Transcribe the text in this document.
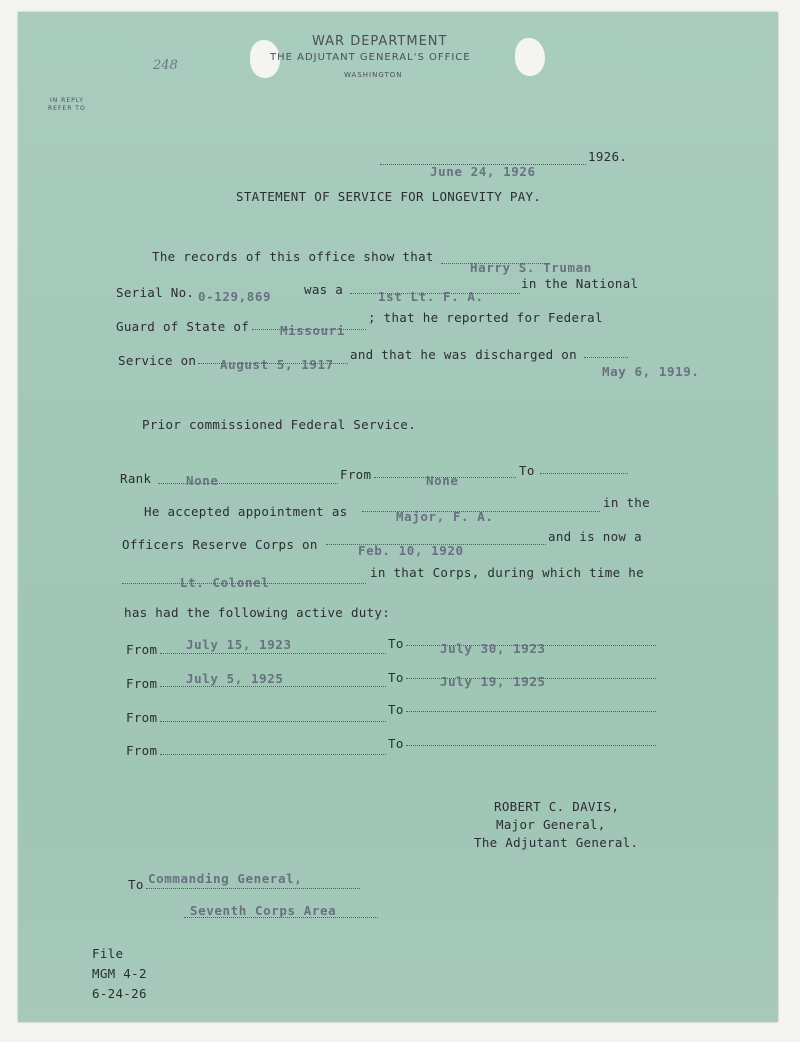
WAR DEPARTMENT
THE ADJUTANT GENERAL'S OFFICE
WASHINGTON
IN REPLY
REFER TO
248
1926.
June 24, 1926
STATEMENT OF SERVICE FOR LONGEVITY PAY.
The records of this office show that
Harry S. Truman
Serial No. 0-129,869	was a	1st Lt. F. A.
in the National
Guard of State of Missouri
; that he reported for Federal
Service on August 5, 1917
and that he was discharged on
May 6, 1919.
Prior commissioned Federal Service.
Rank	None	From	None
To
He accepted appointment as	Major, F. A.
in the
Officers Reserve Corps on	Feb. 10, 1920
and is now a
Lt. Colonel
in that Corps, during which time he
has had the following active duty:
From July 15, 1923	To	July 30, 1923
From July 5, 1925	To	July 19, 1925
From
To
From	To
ROBERT C. DAVIS,
Major General,
The Adjutant General.
To Commanding General,
Seventh Corps Area
File
MGM 4-2
6-24-26
